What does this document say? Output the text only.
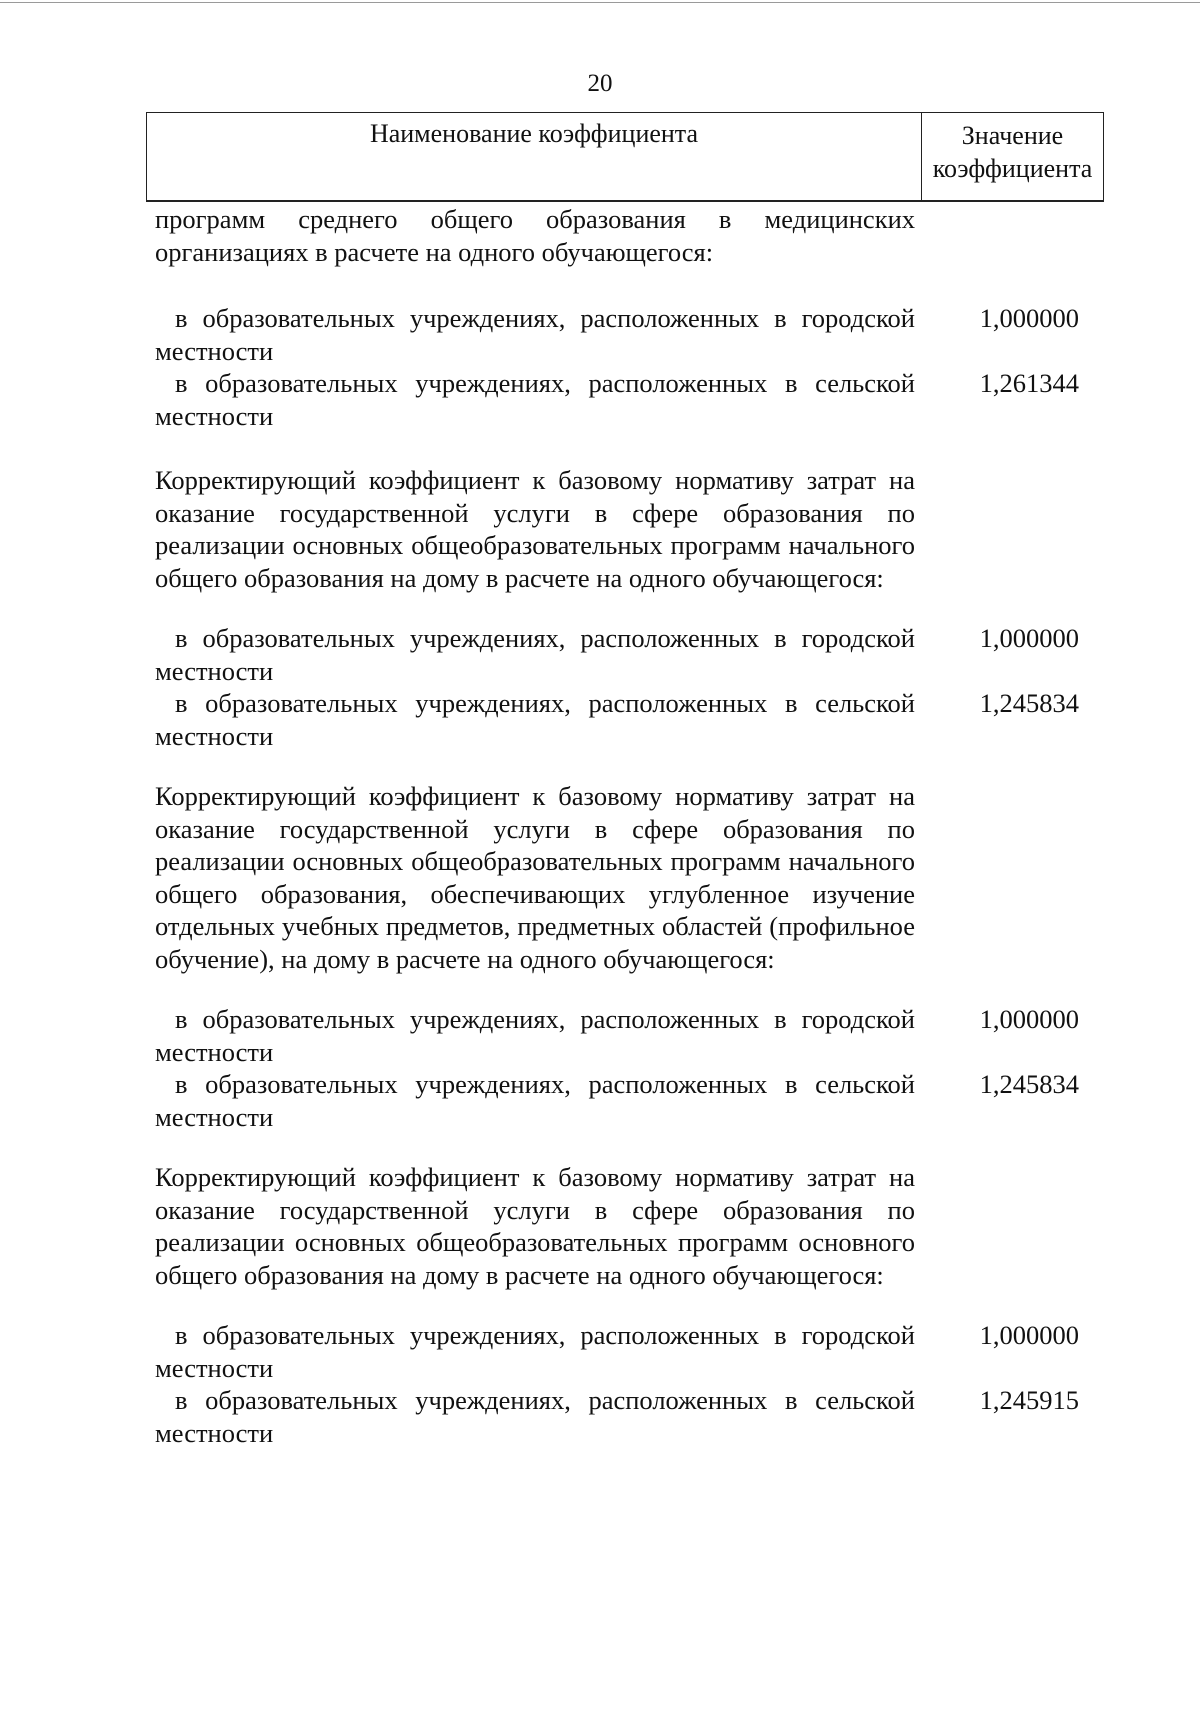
20
Наименование коэффициента	Значение
коэффициента
программ среднего общего образования в медицинских организациях в расчете на одного обучающегося:
в образовательных учреждениях, расположенных в городской местности
1,000000
в образовательных учреждениях, расположенных в сельской местности
1,261344
Корректирующий коэффициент к базовому нормативу затрат на оказание государственной услуги в сфере образования по реализации основных общеобразовательных программ начального общего образования на дому в расчете на одного обучающегося:
в образовательных учреждениях, расположенных в городской местности
1,000000
в образовательных учреждениях, расположенных в сельской местности
1,245834
Корректирующий коэффициент к базовому нормативу затрат на оказание государственной услуги в сфере образования по реализации основных общеобразовательных программ начального общего образования, обеспечивающих углубленное изучение отдельных учебных предметов, предметных областей (профильное обучение), на дому в расчете на одного обучающегося:
в образовательных учреждениях, расположенных в городской местности
1,000000
в образовательных учреждениях, расположенных в сельской местности
1,245834
Корректирующий коэффициент к базовому нормативу затрат на оказание государственной услуги в сфере образования по реализации основных общеобразовательных программ основного общего образования на дому в расчете на одного обучающегося:
в образовательных учреждениях, расположенных в городской местности
1,000000
в образовательных учреждениях, расположенных в сельской местности
1,245915
